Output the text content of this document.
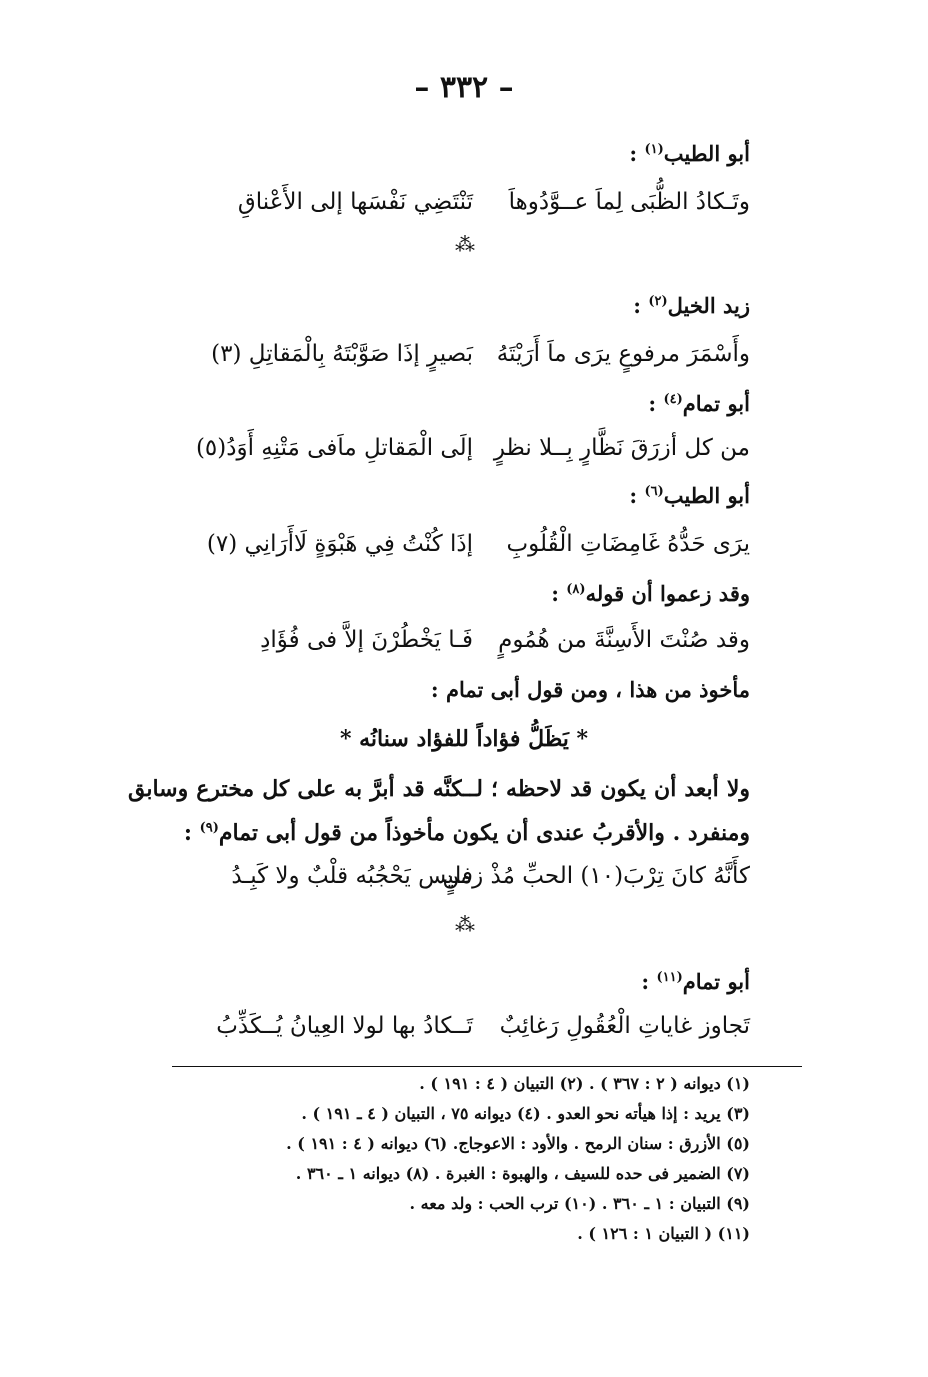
– ٣٣٢ –
أبو الطيب$^{(١)}$ :
وتَـكادُ الظُّبَى لِماَ عــوَّدُوهاَ
تَنْتَضِي نَفْسَها إلى الأَعْناقِ
⁂
زيد الخيل$^{(٢)}$ :
وأَسْمَرَ مرفوعٍ يرَى ماَ أَرَيْتَهُ
بَصيرٍ إذَا صَوَّبْتَهُ بِالْمَقاتِلِ (٣)
أبو تمام$^{(٤)}$ :
من كل أزرَقَ نَظَّارٍ بِــلا نظرٍ
إلَى الْمَقاتلِ ماَفى مَتْنِهِ أَوَدُ(٥)
أبو الطيب$^{(٦)}$ :
يرَى حَدُّهُ غَامِضَاتِ الْقُلُوبِ
إذَا كُنْتُ فِي هَبْوَةٍ لَاأَرَانِي (٧)
وقد زعموا أن قوله$^{(٨)}$ :
وقد صُنْتَ الأَسِنَّةَ من هُمُومٍ
فَـا يَخْطُرْنَ إلاَّ فى فُؤَادِ
مأخوذ من هذا ، ومن قول أبى تمام :
* يَظَلُّ فؤاداً للفؤاد سنانُه *
ولا أبعد أن يكون قد لاحظه ؛ لــكنَّه قد أبرَّ به على كل مخترع وسابق
ومنفرد . والأقربُ عندى أن يكون مأخوذاً من قول أبى تمام$^{(٩)}$ :
كأَنَّهُ كانَ تِرْبَ(١٠) الحبِّ مُذْ زمنٍ
فليس يَحْجُبُه قلْبٌ ولا كَبِـدُ
⁂
أبو تمام$^{(١١)}$ :
تَجاوز غاياتِ الْعُقُولِ رَغائِبٌ
تَــكادُ بها لولا العِيانُ يُــكَذِّبُ
(١) ديوانه ( ٢ : ٣٦٧ ) . (٢) التبيان ( ٤ : ١٩١ ) .
(٣) يريد : إذا هيأته نحو العدو . (٤) ديوانه ٧٥ ، التبيان ( ٤ ـ ١٩١ ) .
(٥) الأزرق : سنان الرمح . والأود : الاعوجاج. (٦) ديوانه ( ٤ : ١٩١ ) .
(٧) الضمير فى حده للسيف ، والهبوة : الغبرة . (٨) ديوانه ١ ـ ٣٦٠ .
(٩) التبيان : ١ ـ ٣٦٠ . (١٠) ترب الحب : ولد معه .
(١١) ( التبيان ١ : ١٢٦ ) .
